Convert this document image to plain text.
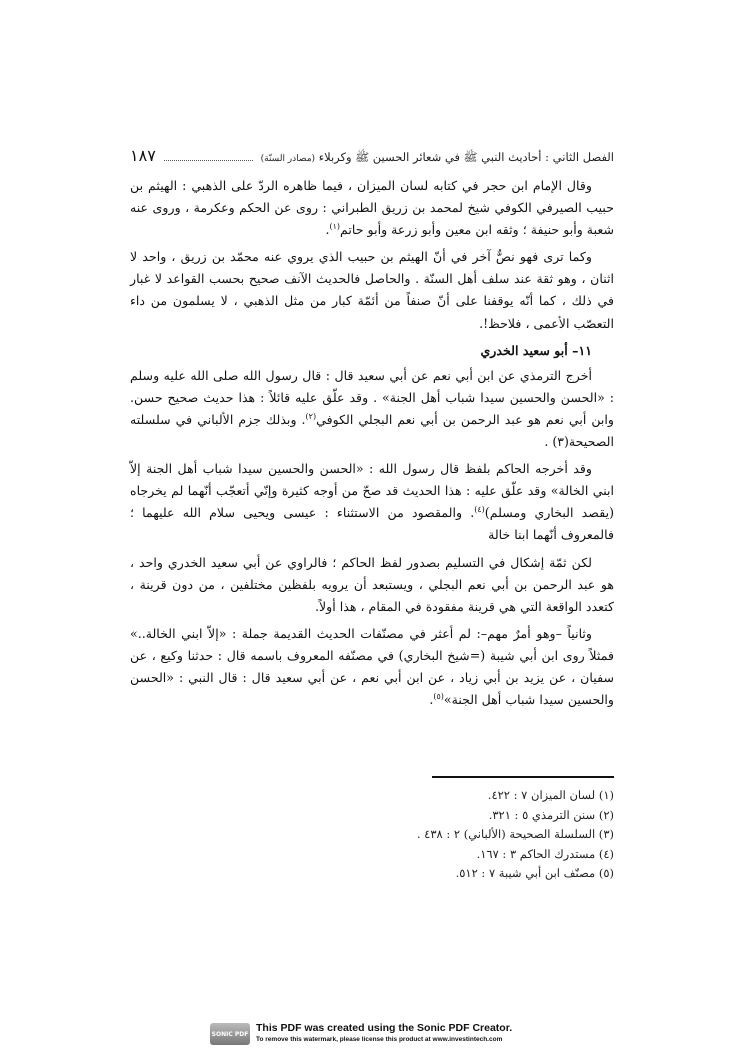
١٨٧	الفصل الثاني : أحاديث النبي ﷺ في شعائر الحسين ﷺ وكربلاء (مصادر السنّة)

وقال الإمام ابن حجر في كتابه لسان الميزان ، فيما ظاهره الردّ على الذهبي : الهيثم بن حبيب الصيرفي الكوفي شيخ لمحمد بن زريق الطبراني : روى عن الحكم وعكرمة ، وروى عنه شعبة وأبو حنيفة ؛ وثقه ابن معين وأبو زرعة وأبو حاتم$^{(١)}$.

وكما ترى فهو نصٌّ آخر في أنّ الهيثم بن حبيب الذي يروي عنه محمّد بن زريق ، واحد لا اثنان ، وهو ثقة عند سلف أهل السنّة . والحاصل فالحديث الآنف صحيح بحسب القواعد لا غبار في ذلك ، كما أنّه يوقفنا على أنّ صنفاً من أئمّة كبار من مثل الذهبي ، لا يسلمون من داء التعصّب الأعمى ، فلاحظ!.

١١– أبو سعيد الخدري

أخرج الترمذي عن ابن أبي نعم عن أبي سعيد قال : قال رسول الله صلى الله عليه وسلم : «الحسن والحسين سيدا شباب أهل الجنة» . وقد علّق عليه قائلاً : هذا حديث صحيح حسن. وابن أبي نعم هو عبد الرحمن بن أبي نعم البجلي الكوفي$^{(٢)}$. وبذلك جزم الألباني في سلسلته الصحيحة(٣) .

وقد أخرجه الحاكم بلفظ قال رسول الله : «الحسن والحسين سيدا شباب أهل الجنة إلاّ ابني الخالة» وقد علّق عليه : هذا الحديث قد صحّ من أوجه كثيرة وإنّي أتعجّب أنّهما لم يخرجاه (يقصد البخاري ومسلم)$^{(٤)}$. والمقصود من الاستثناء : عيسى ويحيى سلام الله عليهما ؛ فالمعروف أنّهما ابنا خالة

لكن ثمّة إشكال في التسليم بصدور لفظ الحاكم ؛ فالراوي عن أبي سعيد الخدري واحد ، هو عبد الرحمن بن أبي نعم البجلي ، ويستبعد أن يرويه بلفظين مختلفين ، من دون قرينة ، كتعدد الواقعة التي هي قرينة مفقودة في المقام ، هذا أولاً.

وثانياً –وهو أمرٌ مهم–: لم أعثر في مصنّفات الحديث القديمة جملة : «إلاّ ابني الخالة..» فمثلاً روى ابن أبي شيبة (=شيخ البخاري) في مصنّفه المعروف باسمه قال : حدثنا وكيع ، عن سفيان ، عن يزيد بن أبي زياد ، عن ابن أبي نعم ، عن أبي سعيد قال : قال النبي : «الحسن والحسين سيدا شباب أهل الجنة»$^{(٥)}$.

(١) لسان الميزان ٧ : ٤٢٢.
(٢) سنن الترمذي ٥ : ٣٢١.
(٣) السلسلة الصحيحة (الألباني) ٢ : ٤٣٨ .
(٤) مستدرك الحاكم ٣ : ١٦٧.
(٥) مصنّف ابن أبي شيبة ٧ : ٥١٢.
SONIC PDF This PDF was created using the Sonic PDF Creator.
To remove this watermark, please license this product at www.investintech.com
